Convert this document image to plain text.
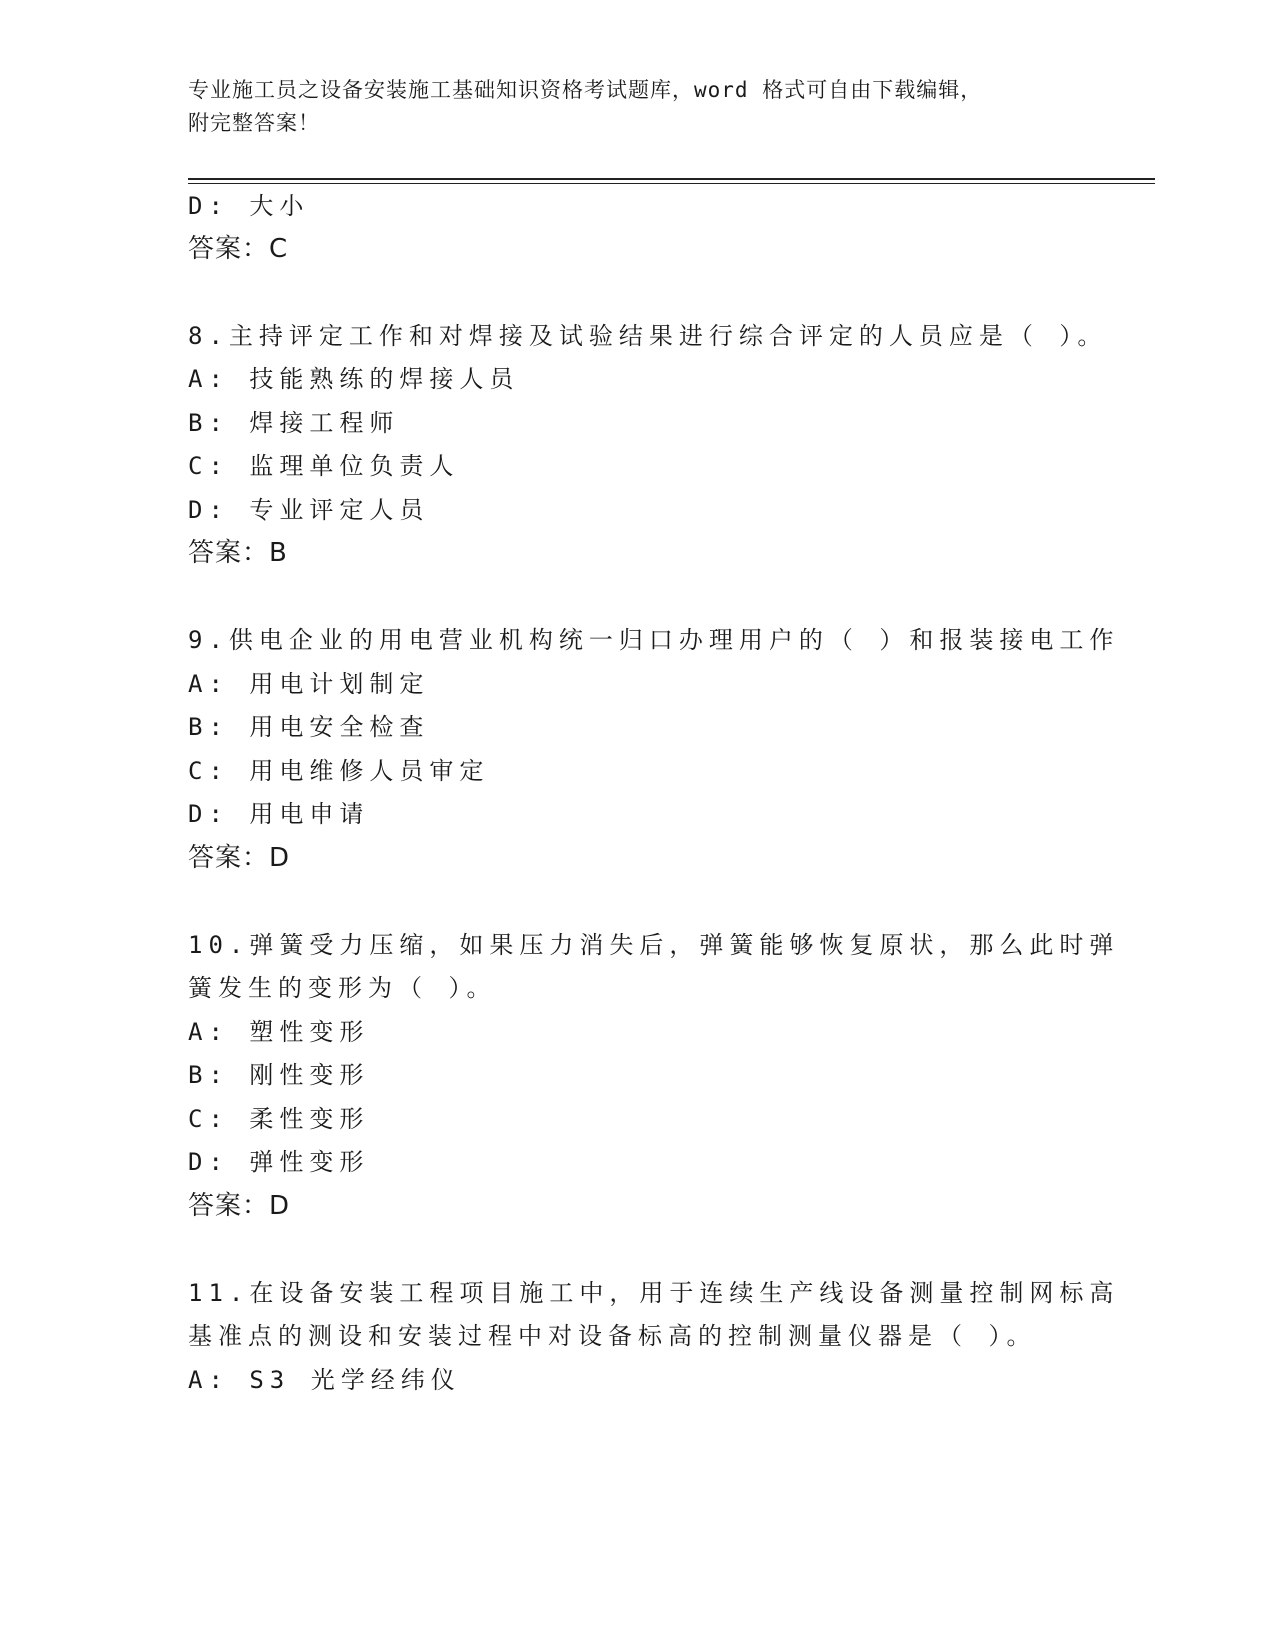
专业施工员之设备安装施工基础知识资格考试题库，word 格式可自由下载编辑，
附完整答案！
D: 大小
答案：C
8.主持评定工作和对焊接及试验结果进行综合评定的人员应是（ ）。
A: 技能熟练的焊接人员
B: 焊接工程师
C: 监理单位负责人
D: 专业评定人员
答案：B
9.供电企业的用电营业机构统一归口办理用户的（ ）和报装接电工作
A: 用电计划制定
B: 用电安全检查
C: 用电维修人员审定
D: 用电申请
答案：D
10.弹簧受力压缩，如果压力消失后，弹簧能够恢复原状，那么此时弹
簧发生的变形为（ ）。
A: 塑性变形
B: 刚性变形
C: 柔性变形
D: 弹性变形
答案：D
11.在设备安装工程项目施工中，用于连续生产线设备测量控制网标高
基准点的测设和安装过程中对设备标高的控制测量仪器是（ ）。
A: S3 光学经纬仪
